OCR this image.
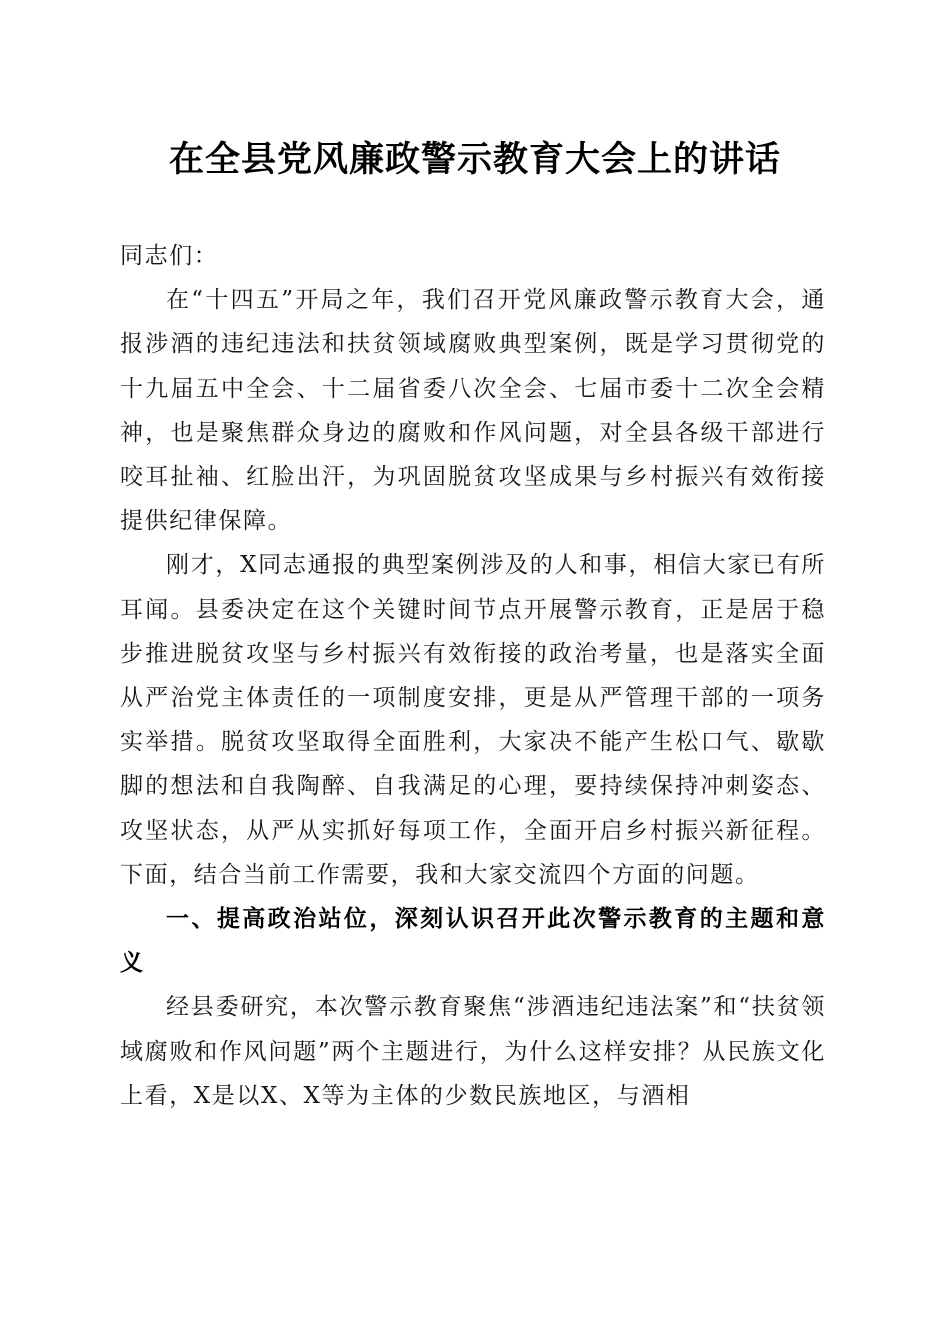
在全县党风廉政警示教育大会上的讲话

同志们：

在“十四五”开局之年，我们召开党风廉政警示教育大会，通报涉酒的违纪违法和扶贫领域腐败典型案例，既是学习贯彻党的十九届五中全会、十二届省委八次全会、七届市委十二次全会精神，也是聚焦群众身边的腐败和作风问题，对全县各级干部进行咬耳扯袖、红脸出汗，为巩固脱贫攻坚成果与乡村振兴有效衔接提供纪律保障。

刚才，X同志通报的典型案例涉及的人和事，相信大家已有所耳闻。县委决定在这个关键时间节点开展警示教育，正是居于稳步推进脱贫攻坚与乡村振兴有效衔接的政治考量，也是落实全面从严治党主体责任的一项制度安排，更是从严管理干部的一项务实举措。脱贫攻坚取得全面胜利，大家决不能产生松口气、歇歇脚的想法和自我陶醉、自我满足的心理，要持续保持冲刺姿态、攻坚状态，从严从实抓好每项工作，全面开启乡村振兴新征程。下面，结合当前工作需要，我和大家交流四个方面的问题。

一、提高政治站位，深刻认识召开此次警示教育的主题和意义

经县委研究，本次警示教育聚焦“涉酒违纪违法案”和“扶贫领域腐败和作风问题”两个主题进行，为什么这样安排？从民族文化上看，X是以X、X等为主体的少数民族地区，与酒相
